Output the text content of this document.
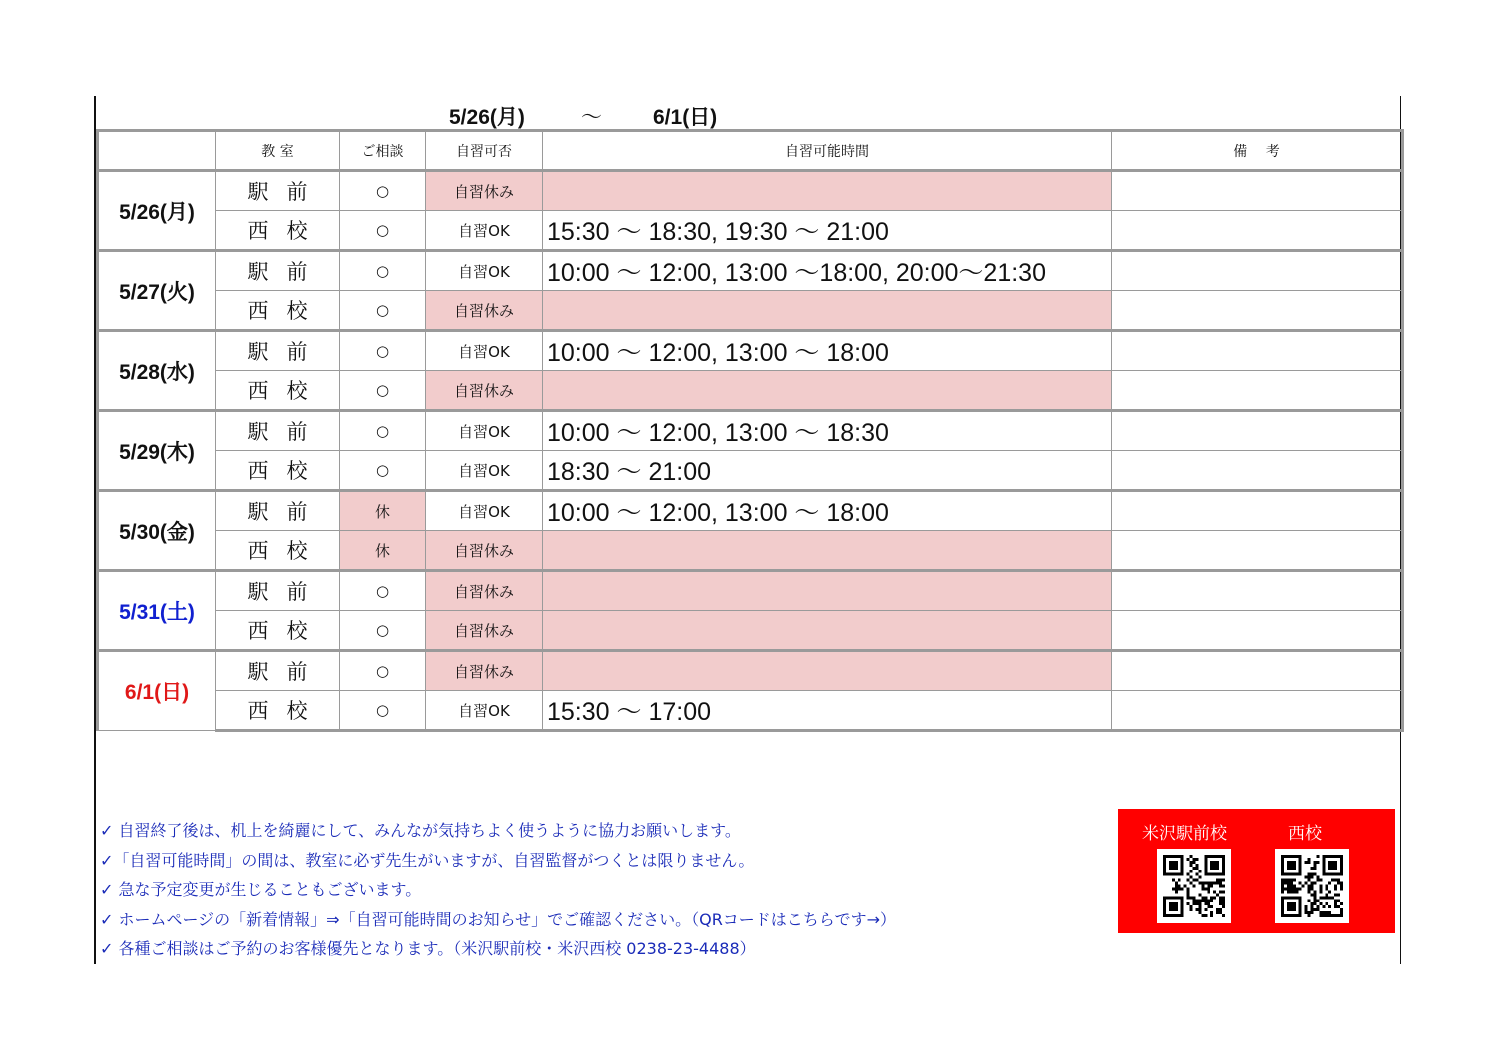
5/26(月)	～ 6/1(日)
	教 室	ご相談	自習可否	自習可能時間	備　 考
5/26(月)	駅前	○	自習休み		
	西校	○	自習OK	15:30 ～ 18:30, 19:30 ～ 21:00	
5/27(火)	駅前	○	自習OK	10:00 ～ 12:00, 13:00 ～18:00, 20:00～21:30	
	西校	○	自習休み		
5/28(水)	駅前	○	自習OK	10:00 ～ 12:00, 13:00 ～ 18:00	
	西校	○	自習休み		
5/29(木)	駅前	○	自習OK	10:00 ～ 12:00, 13:00 ～ 18:30	
	西校	○	自習OK	18:30 ～ 21:00	
5/30(金)	駅前	休	自習OK	10:00 ～ 12:00, 13:00 ～ 18:00	
	西校	休	自習休み		
5/31(土)	駅前	○	自習休み		
	西校	○	自習休み		
6/1(日)	駅前	○	自習休み		
	西校	○	自習OK	15:30 ～ 17:00	
✓ 自習終了後は、机上を綺麗にして、みんなが気持ちよく使うように協力お願いします。
✓「自習可能時間」の間は、教室に必ず先生がいますが、自習監督がつくとは限りません。
✓ 急な予定変更が生じることもございます。
✓ ホームページの「新着情報」⇒「自習可能時間のお知らせ」でご確認ください。（QRコードはこちらです→）
✓ 各種ご相談はご予約のお客様優先となります。（米沢駅前校・米沢西校 0238-23-4488）
米沢駅前校	西校
